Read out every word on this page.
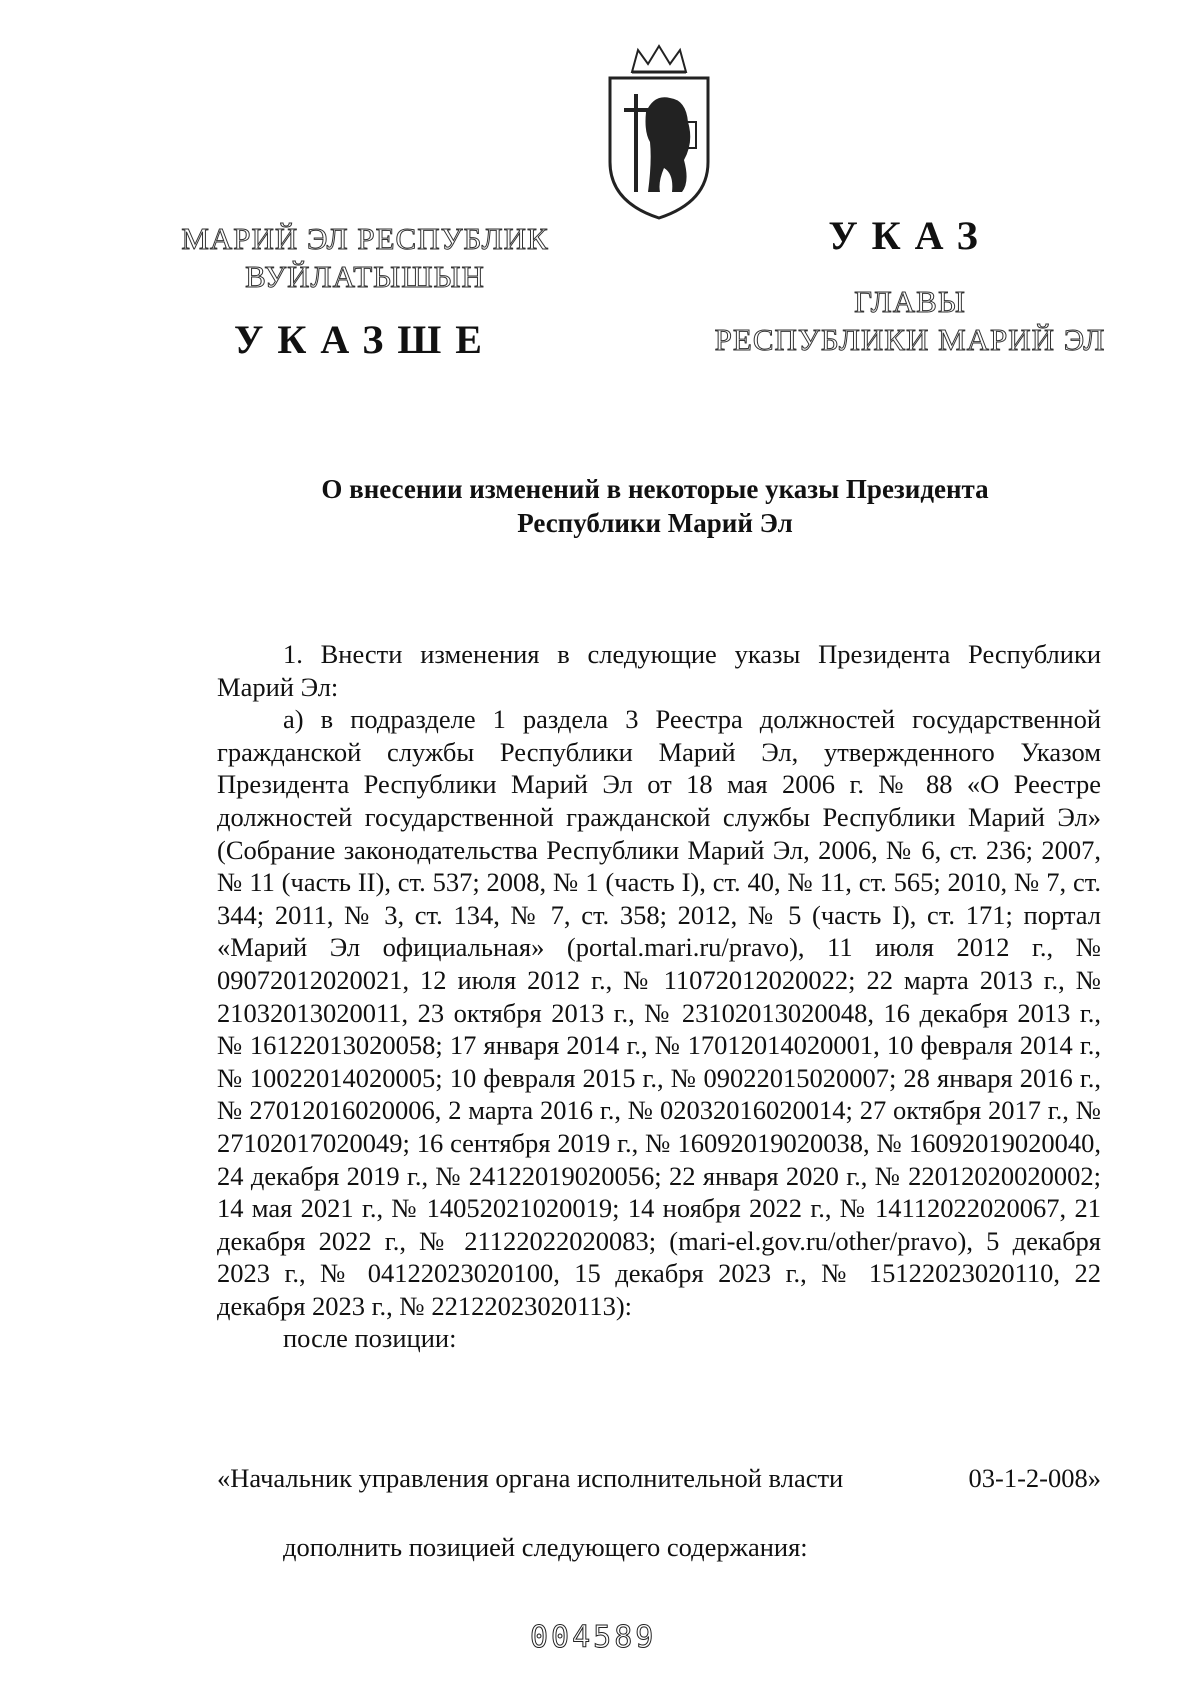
МАРИЙ ЭЛ РЕСПУБЛИК
ВУЙЛАТЫШЫН
УКАЗШЕ
УКАЗ
ГЛАВЫ
РЕСПУБЛИКИ МАРИЙ ЭЛ
О внесении изменений в некоторые указы Президента
Республики Марий Эл

1. Внести изменения в следующие указы Президента Республики Марий Эл:

а) в подразделе 1 раздела 3 Реестра должностей государственной гражданской службы Республики Марий Эл, утвержденного Указом Президента Республики Марий Эл от 18 мая 2006 г. № 88 «О Реестре должностей государственной гражданской службы Республики Марий Эл» (Собрание законодательства Республики Марий Эл, 2006, № 6, ст. 236; 2007, № 11 (часть II), ст. 537; 2008, № 1 (часть I), ст. 40, № 11, ст. 565; 2010, № 7, ст. 344; 2011, № 3, ст. 134, № 7, ст. 358; 2012, № 5 (часть I), ст. 171; портал «Марий Эл официальная» (portal.mari.ru/pravo), 11 июля 2012 г., № 09072012020021, 12 июля 2012 г., № 11072012020022; 22 марта 2013 г., № 21032013020011, 23 октября 2013 г., № 23102013020048, 16 декабря 2013 г., № 16122013020058; 17 января 2014 г., № 17012014020001, 10 февраля 2014 г., № 10022014020005; 10 февраля 2015 г., № 09022015020007; 28 января 2016 г., № 27012016020006, 2 марта 2016 г., № 02032016020014; 27 октября 2017 г., № 27102017020049; 16 сентября 2019 г., № 16092019020038, № 16092019020040, 24 декабря 2019 г., № 24122019020056; 22 января 2020 г., № 22012020020002; 14 мая 2021 г., № 14052021020019; 14 ноября 2022 г., № 14112022020067, 21 декабря 2022 г., № 21122022020083; (mari-el.gov.ru/other/pravo), 5 декабря 2023 г., № 04122023020100, 15 декабря 2023 г., № 15122023020110, 22 декабря 2023 г., № 22122023020113):

после позиции:

«Начальник управления органа исполнительной власти	03-1-2-008»
дополнить позицией следующего содержания:
004589
